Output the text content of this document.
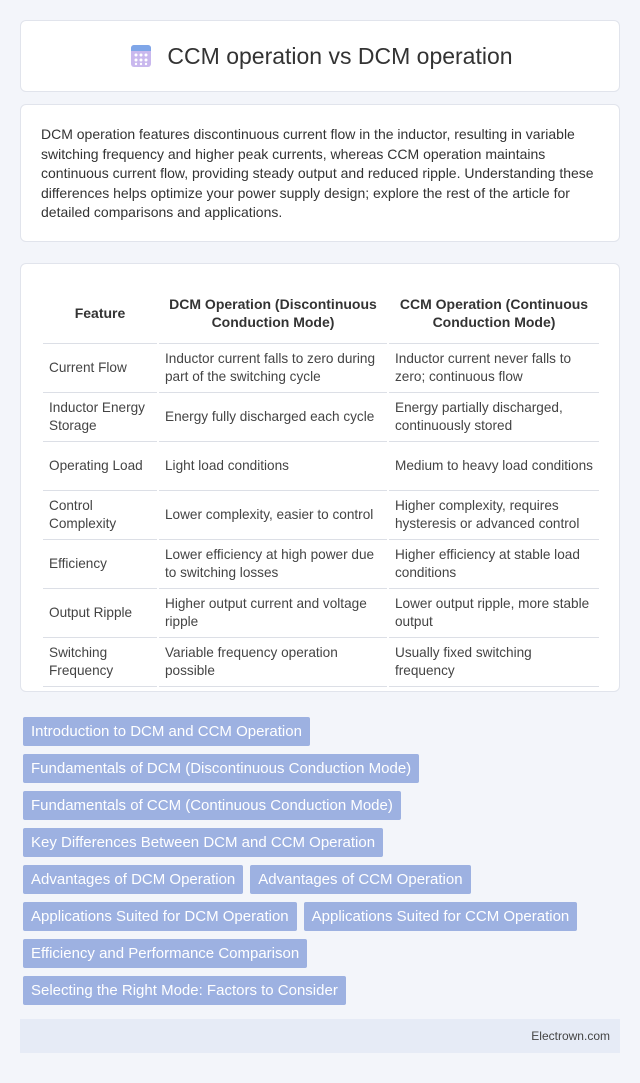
CCM operation vs DCM operation

DCM operation features discontinuous current flow in the inductor, resulting in variable switching frequency and higher peak currents, whereas CCM operation maintains continuous current flow, providing steady output and reduced ripple. Understanding these differences helps optimize your power supply design; explore the rest of the article for detailed comparisons and applications.

Feature	DCM Operation (Discontinuous Conduction Mode)	CCM Operation (Continuous Conduction Mode)
Current Flow	Inductor current falls to zero during part of the switching cycle	Inductor current never falls to zero; continuous flow
Inductor Energy Storage	Energy fully discharged each cycle	Energy partially discharged, continuously stored
Operating Load	Light load conditions	Medium to heavy load conditions
Control Complexity	Lower complexity, easier to control	Higher complexity, requires hysteresis or advanced control
Efficiency	Lower efficiency at high power due to switching losses	Higher efficiency at stable load conditions
Output Ripple	Higher output current and voltage ripple	Lower output ripple, more stable output
Switching Frequency	Variable frequency operation possible	Usually fixed switching frequency
Introduction to DCM and CCM Operation
Fundamentals of DCM (Discontinuous Conduction Mode)
Fundamentals of CCM (Continuous Conduction Mode)
Key Differences Between DCM and CCM Operation
Advantages of DCM Operation	Advantages of CCM Operation
Applications Suited for DCM Operation	Applications Suited for CCM Operation
Efficiency and Performance Comparison
Selecting the Right Mode: Factors to Consider
Electrown.com
